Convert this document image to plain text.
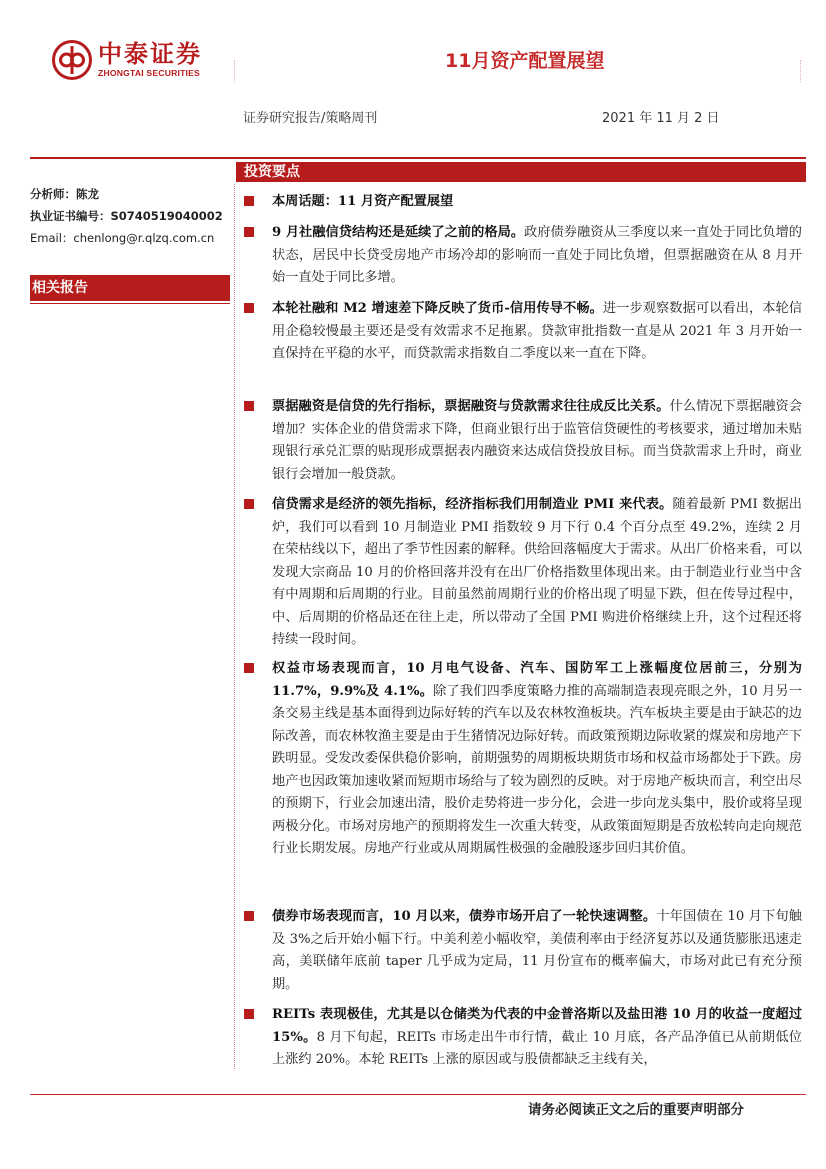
中泰证券
ZHONGTAI SECURITIES
11月资产配置展望
证券研究报告/策略周刊	2021 年 11 月 2 日
分析师：陈龙
执业证书编号：S0740519040002
Email：chenlong@r.qlzq.com.cn
相关报告
投资要点
本周话题：11 月资产配置展望
9 月社融信贷结构还是延续了之前的格局。政府债券融资从三季度以来一直处于同比负增的状态，居民中长贷受房地产市场冷却的影响而一直处于同比负增，但票据融资在从 8 月开始一直处于同比多增。
本轮社融和 M2 增速差下降反映了货币-信用传导不畅。进一步观察数据可以看出，本轮信用企稳较慢最主要还是受有效需求不足拖累。贷款审批指数一直是从 2021 年 3 月开始一直保持在平稳的水平，而贷款需求指数自二季度以来一直在下降。
票据融资是信贷的先行指标，票据融资与贷款需求往往成反比关系。什么情况下票据融资会增加？实体企业的借贷需求下降，但商业银行出于监管信贷硬性的考核要求，通过增加未贴现银行承兑汇票的贴现形成票据表内融资来达成信贷投放目标。而当贷款需求上升时，商业银行会增加一般贷款。
信贷需求是经济的领先指标，经济指标我们用制造业 PMI 来代表。随着最新 PMI 数据出炉，我们可以看到 10 月制造业 PMI 指数较 9 月下行 0.4 个百分点至 49.2%，连续 2 月在荣枯线以下，超出了季节性因素的解释。供给回落幅度大于需求。从出厂价格来看，可以发现大宗商品 10 月的价格回落并没有在出厂价格指数里体现出来。由于制造业行业当中含有中周期和后周期的行业。目前虽然前周期行业的价格出现了明显下跌，但在传导过程中，中、后周期的价格品还在往上走，所以带动了全国 PMI 购进价格继续上升，这个过程还将持续一段时间。
权益市场表现而言，10 月电气设备、汽车、国防军工上涨幅度位居前三，分别为 11.7%，9.9%及 4.1%。除了我们四季度策略力推的高端制造表现亮眼之外，10 月另一条交易主线是基本面得到边际好转的汽车以及农林牧渔板块。汽车板块主要是由于缺芯的边际改善，而农林牧渔主要是由于生猪情况边际好转。而政策预期边际收紧的煤炭和房地产下跌明显。受发改委保供稳价影响，前期强势的周期板块期货市场和权益市场都处于下跌。房地产也因政策加速收紧而短期市场给与了较为剧烈的反映。对于房地产板块而言，利空出尽的预期下，行业会加速出清，股价走势将进一步分化，会进一步向龙头集中，股价或将呈现两极分化。市场对房地产的预期将发生一次重大转变，从政策面短期是否放松转向走向规范行业长期发展。房地产行业或从周期属性极强的金融股逐步回归其价值。
债券市场表现而言，10 月以来，债券市场开启了一轮快速调整。十年国债在 10 月下旬触及 3%之后开始小幅下行。中美利差小幅收窄，美债利率由于经济复苏以及通货膨胀迅速走高，美联储年底前 taper 几乎成为定局，11 月份宣布的概率偏大，市场对此已有充分预期。
REITs 表现极佳，尤其是以仓储类为代表的中金普洛斯以及盐田港 10 月的收益一度超过 15%。8 月下旬起，REITs 市场走出牛市行情，截止 10 月底，各产品净值已从前期低位上涨约 20%。本轮 REITs 上涨的原因或与股债都缺乏主线有关，
请务必阅读正文之后的重要声明部分
